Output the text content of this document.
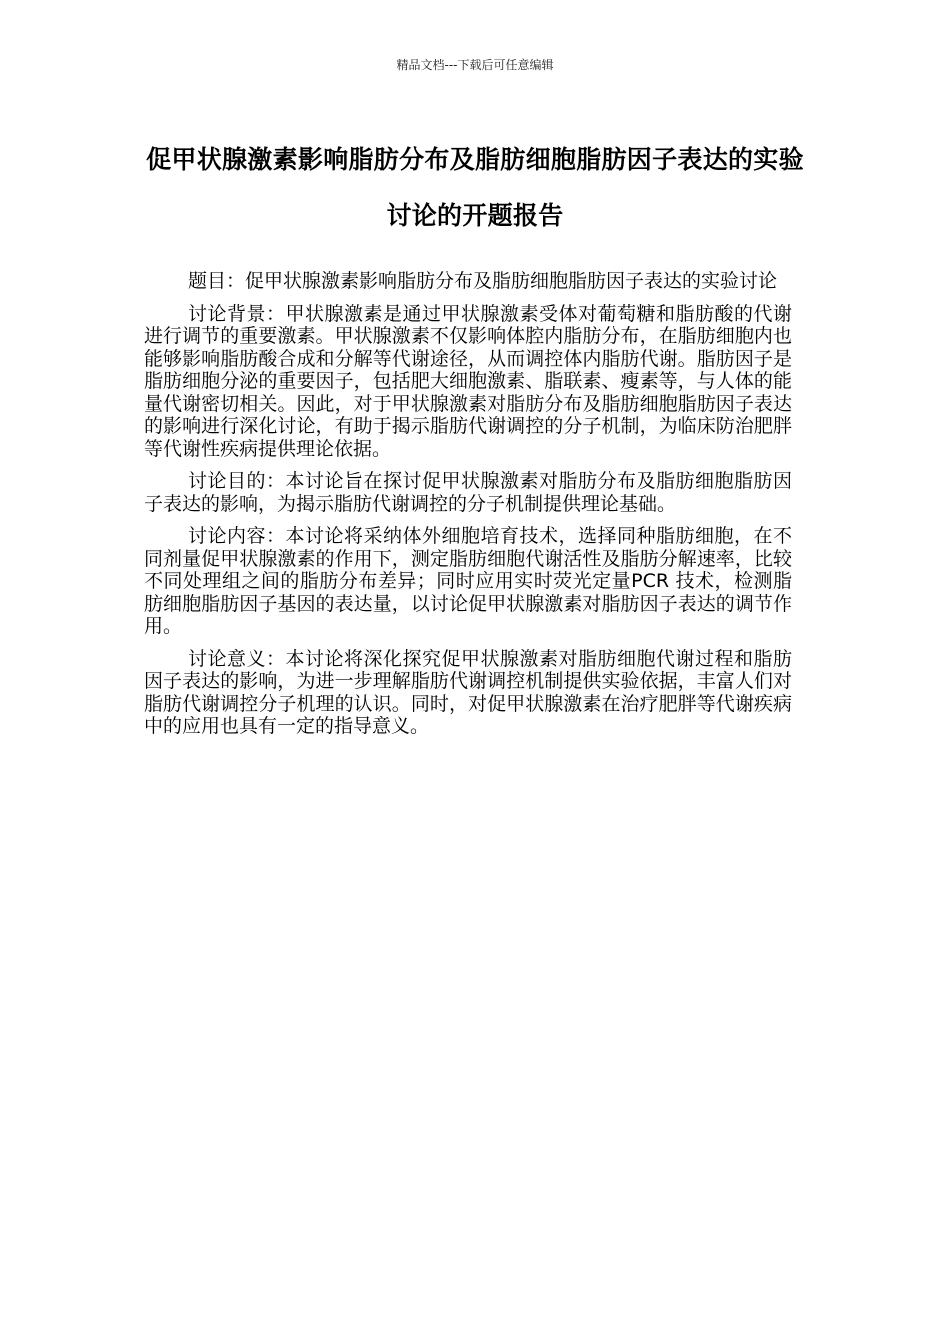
精品文档---下载后可任意编辑
促甲状腺激素影响脂肪分布及脂肪细胞脂肪因子表达的实验讨论的开题报告

题目：促甲状腺激素影响脂肪分布及脂肪细胞脂肪因子表达的实验讨论

讨论背景：甲状腺激素是通过甲状腺激素受体对葡萄糖和脂肪酸的代谢进行调节的重要激素。甲状腺激素不仅影响体腔内脂肪分布，在脂肪细胞内也能够影响脂肪酸合成和分解等代谢途径，从而调控体内脂肪代谢。脂肪因子是脂肪细胞分泌的重要因子，包括肥大细胞激素、脂联素、瘦素等，与人体的能量代谢密切相关。因此，对于甲状腺激素对脂肪分布及脂肪细胞脂肪因子表达的影响进行深化讨论，有助于揭示脂肪代谢调控的分子机制，为临床防治肥胖等代谢性疾病提供理论依据。

讨论目的：本讨论旨在探讨促甲状腺激素对脂肪分布及脂肪细胞脂肪因子表达的影响，为揭示脂肪代谢调控的分子机制提供理论基础。

讨论内容：本讨论将采纳体外细胞培育技术，选择同种脂肪细胞，在不同剂量促甲状腺激素的作用下，测定脂肪细胞代谢活性及脂肪分解速率，比较不同处理组之间的脂肪分布差异；同时应用实时荧光定量PCR 技术，检测脂肪细胞脂肪因子基因的表达量，以讨论促甲状腺激素对脂肪因子表达的调节作用。

讨论意义：本讨论将深化探究促甲状腺激素对脂肪细胞代谢过程和脂肪因子表达的影响，为进一步理解脂肪代谢调控机制提供实验依据，丰富人们对脂肪代谢调控分子机理的认识。同时，对促甲状腺激素在治疗肥胖等代谢疾病中的应用也具有一定的指导意义。
